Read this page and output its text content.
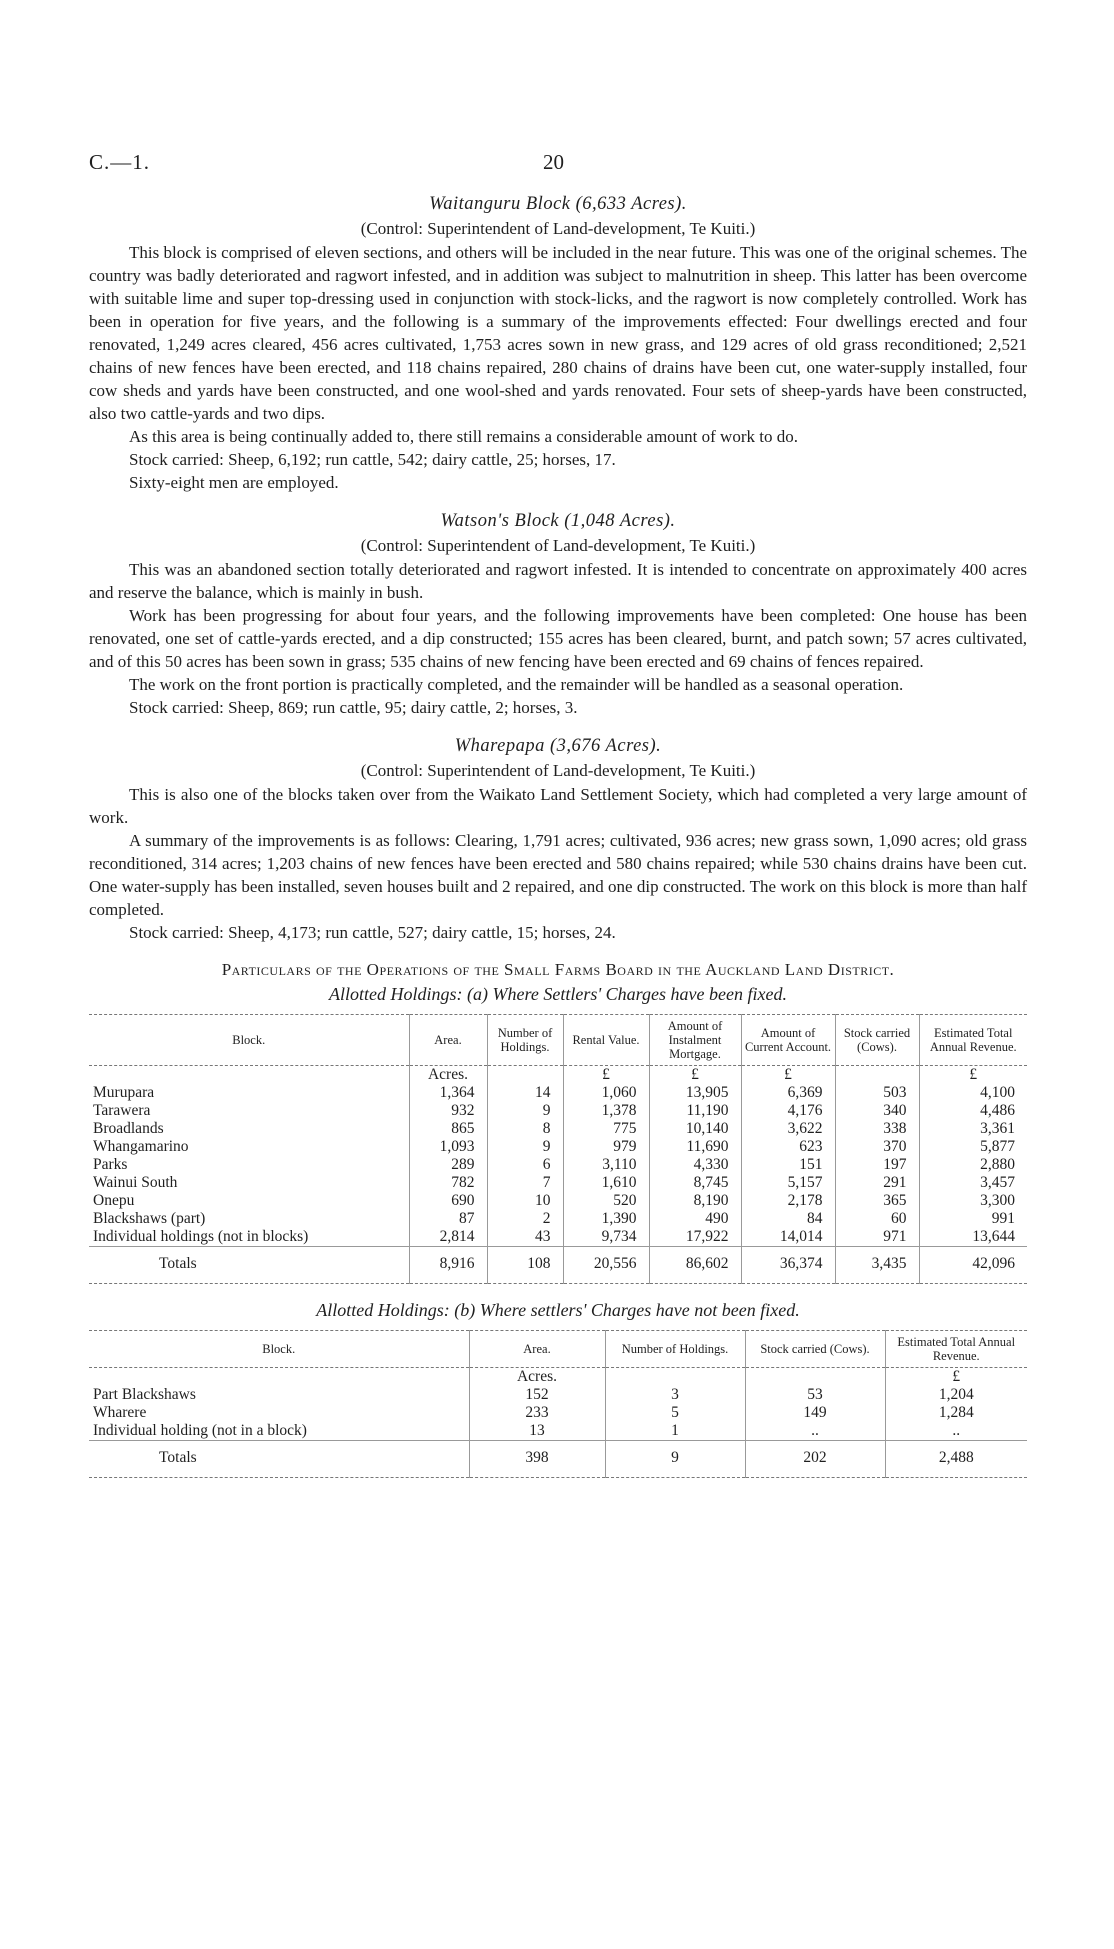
C.—1.	20

Waitanguru Block (6,633 Acres).

(Control: Superintendent of Land-development, Te Kuiti.)

This block is comprised of eleven sections, and others will be included in the near future. This was one of the original schemes. The country was badly deteriorated and ragwort infested, and in addition was subject to malnutrition in sheep. This latter has been overcome with suitable lime and super top-dressing used in conjunction with stock-licks, and the ragwort is now completely controlled. Work has been in operation for five years, and the following is a summary of the improvements effected: Four dwellings erected and four renovated, 1,249 acres cleared, 456 acres cultivated, 1,753 acres sown in new grass, and 129 acres of old grass reconditioned; 2,521 chains of new fences have been erected, and 118 chains repaired, 280 chains of drains have been cut, one water-supply installed, four cow sheds and yards have been constructed, and one wool-shed and yards renovated. Four sets of sheep-yards have been constructed, also two cattle-yards and two dips.

As this area is being continually added to, there still remains a considerable amount of work to do.

Stock carried: Sheep, 6,192; run cattle, 542; dairy cattle, 25; horses, 17.

Sixty-eight men are employed.

Watson's Block (1,048 Acres).

(Control: Superintendent of Land-development, Te Kuiti.)

This was an abandoned section totally deteriorated and ragwort infested. It is intended to concentrate on approximately 400 acres and reserve the balance, which is mainly in bush.

Work has been progressing for about four years, and the following improvements have been completed: One house has been renovated, one set of cattle-yards erected, and a dip constructed; 155 acres has been cleared, burnt, and patch sown; 57 acres cultivated, and of this 50 acres has been sown in grass; 535 chains of new fencing have been erected and 69 chains of fences repaired.

The work on the front portion is practically completed, and the remainder will be handled as a seasonal operation.

Stock carried: Sheep, 869; run cattle, 95; dairy cattle, 2; horses, 3.

Wharepapa (3,676 Acres).

(Control: Superintendent of Land-development, Te Kuiti.)

This is also one of the blocks taken over from the Waikato Land Settlement Society, which had completed a very large amount of work.

A summary of the improvements is as follows: Clearing, 1,791 acres; cultivated, 936 acres; new grass sown, 1,090 acres; old grass reconditioned, 314 acres; 1,203 chains of new fences have been erected and 580 chains repaired; while 530 chains drains have been cut. One water-supply has been installed, seven houses built and 2 repaired, and one dip constructed. The work on this block is more than half completed.

Stock carried: Sheep, 4,173; run cattle, 527; dairy cattle, 15; horses, 24.

Particulars of the Operations of the Small Farms Board in the Auckland Land District.

Allotted Holdings: (a) Where Settlers' Charges have been fixed.

Block.	Area.	Number of Holdings.	Rental Value.	Amount of Instalment Mortgage.	Amount of Current Account.	Stock carried (Cows).	Estimated Total Annual Revenue.
	Acres.		£	£	£		£
Murupara	1,364	14	1,060	13,905	6,369	503	4,100
Tarawera	932	9	1,378	11,190	4,176	340	4,486
Broadlands	865	8	775	10,140	3,622	338	3,361
Whangamarino	1,093	9	979	11,690	623	370	5,877
Parks	289	6	3,110	4,330	151	197	2,880
Wainui South	782	7	1,610	8,745	5,157	291	3,457
Onepu	690	10	520	8,190	2,178	365	3,300
Blackshaws (part)	87	2	1,390	490	84	60	991
Individual holdings (not in blocks)	2,814	43	9,734	17,922	14,014	971	13,644
Totals	8,916	108	20,556	86,602	36,374	3,435	42,096

Allotted Holdings: (b) Where settlers' Charges have not been fixed.

Block.	Area.	Number of Holdings.	Stock carried (Cows).	Estimated Total Annual Revenue.
	Acres.			£
Part Blackshaws	152	3	53	1,204
Wharere	233	5	149	1,284
Individual holding (not in a block)	13	1	..	..
Totals	398	9	202	2,488
